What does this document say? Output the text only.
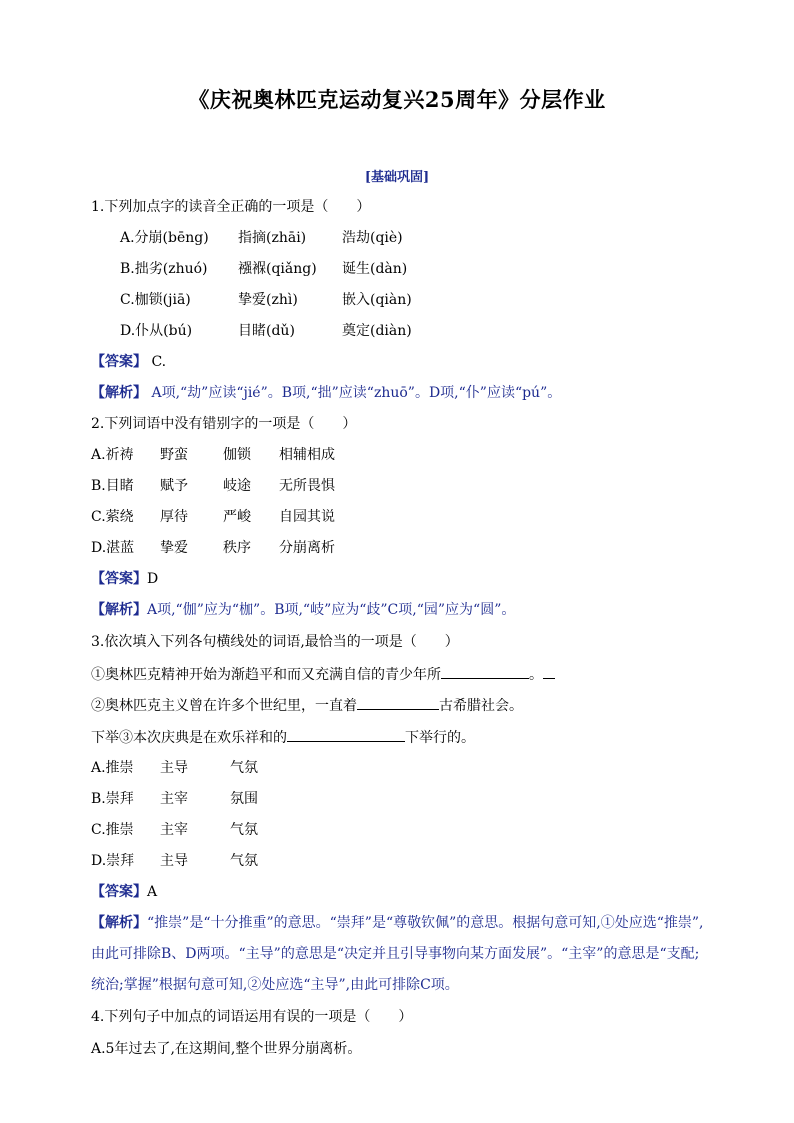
《庆祝奥林匹克运动复兴25周年》分层作业
[基础巩固]
1.下列加点字的读音全正确的一项是（　　）
A.分崩(bēng) 指摘(zhāi)	浩劫(qiè)
B.拙劣(zhuó) 襁褓(qiǎng) 诞生(dàn)
C.枷锁(jiā)	挚爱(zhì)	嵌入(qiàn)
D.仆从(bú)	目睹(dǔ)	奠定(diàn)
【答案】 C.
【解析】 A项,“劫”应读“jié”。B项,“拙”应读“zhuō”。D项,“仆”应读“pú”。
2.下列词语中没有错别字的一项是（　　）
A.祈祷 野蛮	伽锁 相辅相成
B.目睹 赋予	岐途 无所畏惧
C.萦绕 厚待	严峻 自园其说
D.湛蓝 挚爱	秩序 分崩离析
【答案】D
【解析】A项,“伽”应为“枷”。B项,“岐”应为“歧”C项,“园”应为“圆”。
3.依次填入下列各句横线处的词语,最恰当的一项是（　　）
①奥林匹克精神开始为渐趋平和而又充满自信的青少年所	。
②奥林匹克主义曾在许多个世纪里，一直着	古希腊社会。
下举③本次庆典是在欢乐祥和的	下举行的。
A.推崇 主导	气氛
B.崇拜 主宰	氛围
C.推崇 主宰	气氛
D.崇拜 主导	气氛
【答案】A
【解析】“推崇”是“十分推重”的意思。“崇拜”是“尊敬钦佩”的意思。根据句意可知,①处应选“推崇”,由此可排除B、D两项。“主导”的意思是“决定并且引导事物向某方面发展”。“主宰”的意思是“支配;统治;掌握”根据句意可知,②处应选“主导”,由此可排除C项。
4.下列句子中加点的词语运用有误的一项是（　　）
A.5年过去了,在这期间,整个世界分崩离析。
